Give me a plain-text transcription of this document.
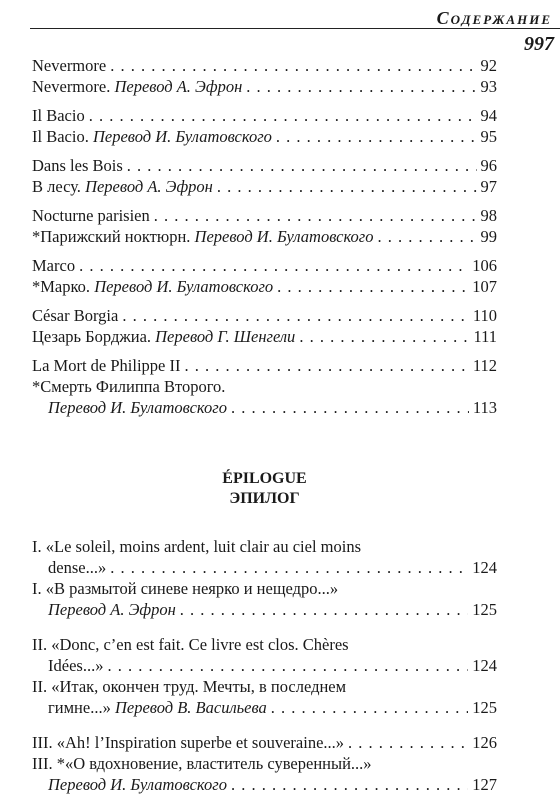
СОДЕРЖАНИЕ
997
Nevermore . . .	92
Nevermore. Перевод А. Эфрон . . .	93
Il Bacio . . .	94
Il Bacio. Перевод И. Булатовского . . .	95
Dans les Bois . . .	96
В лесу. Перевод А. Эфрон . . .	97
Nocturne parisien . . .	98
*Парижский ноктюрн. Перевод И. Булатовского . . .	99
Marco . . .	106
*Марко. Перевод И. Булатовского . . .	107
César Borgia . . .	110
Цезарь Борджиа. Перевод Г. Шенгели . . .	111
La Mort de Philippe II . . .	112
*Смерть Филиппа Второго.
Перевод И. Булатовского . . .	113
ÉPILOGUE
ЭПИЛОГ
I. «Le soleil, moins ardent, luit clair au ciel moins
dense...» . . .	124
I. «В размытой синеве неярко и нещедро...»
Перевод А. Эфрон . . .	125
II. «Donc, c’en est fait. Ce livre est clos. Chères
Idées...» . . .	124
II. «Итак, окончен труд. Мечты, в последнем
гимне...» Перевод В. Васильева . . .	125
III. «Ah! l’Inspiration superbe et souveraine...» . . .	126
III. *«О вдохновение, властитель суверенный...»
Перевод И. Булатовского . . .	127
